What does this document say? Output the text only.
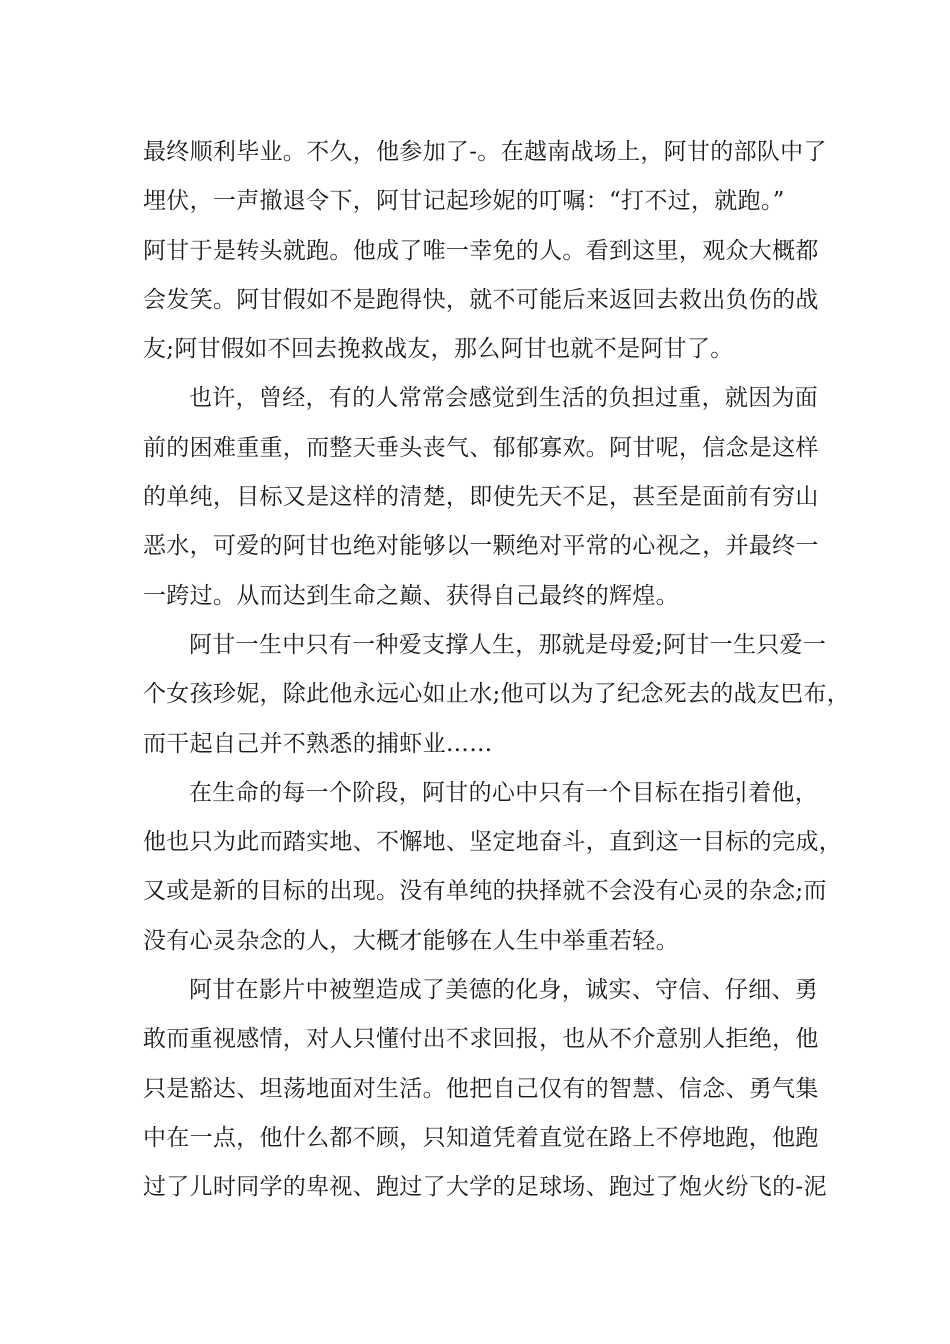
最终顺利毕业。不久，他参加了-。在越南战场上，阿甘的部队中了
埋伏，一声撤退令下，阿甘记起珍妮的叮嘱：“打不过，就跑。”
阿甘于是转头就跑。他成了唯一幸免的人。看到这里，观众大概都
会发笑。阿甘假如不是跑得快，就不可能后来返回去救出负伤的战
友;阿甘假如不回去挽救战友，那么阿甘也就不是阿甘了。
也许，曾经，有的人常常会感觉到生活的负担过重，就因为面
前的困难重重，而整天垂头丧气、郁郁寡欢。阿甘呢，信念是这样
的单纯，目标又是这样的清楚，即使先天不足，甚至是面前有穷山
恶水，可爱的阿甘也绝对能够以一颗绝对平常的心视之，并最终一
一跨过。从而达到生命之巅、获得自己最终的辉煌。
阿甘一生中只有一种爱支撑人生，那就是母爱;阿甘一生只爱一
个女孩珍妮，除此他永远心如止水;他可以为了纪念死去的战友巴布，
而干起自己并不熟悉的捕虾业……
在生命的每一个阶段，阿甘的心中只有一个目标在指引着他，
他也只为此而踏实地、不懈地、坚定地奋斗，直到这一目标的完成，
又或是新的目标的出现。没有单纯的抉择就不会没有心灵的杂念;而
没有心灵杂念的人，大概才能够在人生中举重若轻。
阿甘在影片中被塑造成了美德的化身，诚实、守信、仔细、勇
敢而重视感情，对人只懂付出不求回报，也从不介意别人拒绝，他
只是豁达、坦荡地面对生活。他把自己仅有的智慧、信念、勇气集
中在一点，他什么都不顾，只知道凭着直觉在路上不停地跑，他跑
过了儿时同学的卑视、跑过了大学的足球场、跑过了炮火纷飞的-泥
